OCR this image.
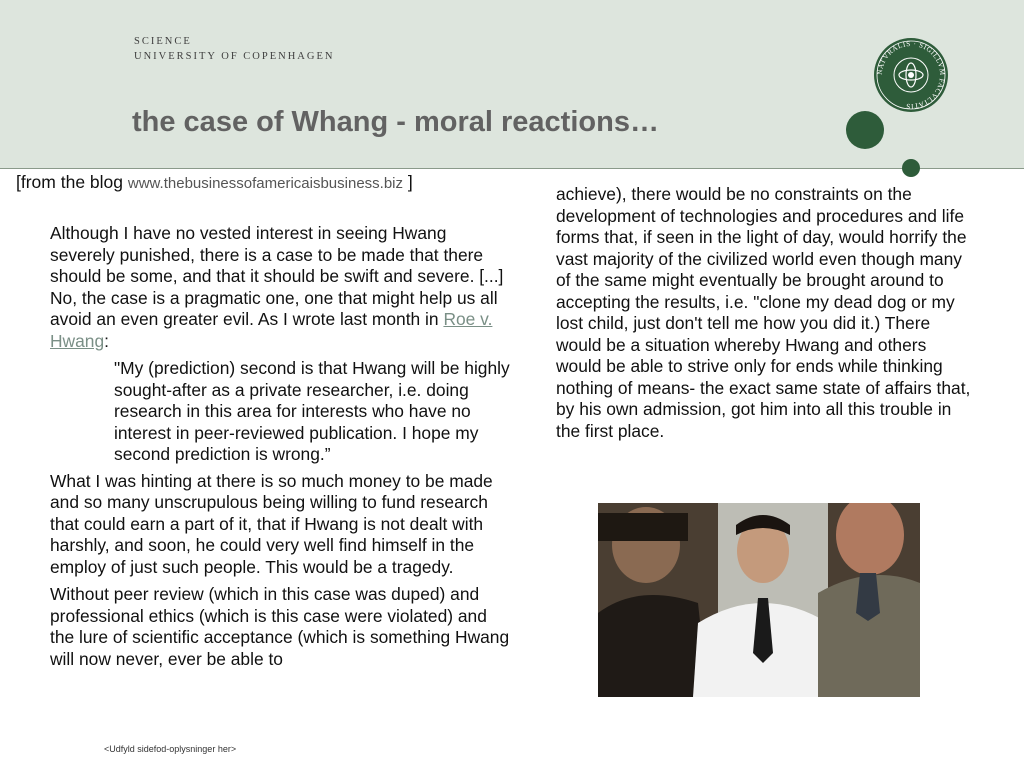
SCIENCE
UNIVERSITY OF COPENHAGEN
the case of Whang - moral reactions…
NATVRALIS · SIGILLVM FACVLTATIS
[from the blog www.thebusinessofamericaisbusiness.biz ]

Although I have no vested interest in seeing Hwang severely punished, there is a case to be made that there should be some, and that it should be swift and severe. [...] No, the case is a pragmatic one, one that might help us all avoid an even greater evil. As I wrote last month in Roe v. Hwang:

"My (prediction) second is that Hwang will be highly sought-after as a private researcher, i.e. doing research in this area for interests who have no interest in peer-reviewed publication. I hope my second prediction is wrong.”

What I was hinting at there is so much money to be made and so many unscrupulous being willing to fund research that could earn a part of it, that if Hwang is not dealt with harshly, and soon, he could very well find himself in the employ of just such people. This would be a tragedy.

Without peer review (which in this case was duped) and professional ethics (which is this case were violated) and the lure of scientific acceptance (which is something Hwang will now never, ever be able to

achieve), there would be no constraints on the development of technologies and procedures and life forms that, if seen in the light of day, would horrify the vast majority of the civilized world even though many of the same might eventually be brought around to accepting the results, i.e. "clone my dead dog or my lost child, just don't tell me how you did it.) There would be a situation whereby Hwang and others would be able to strive only for ends while thinking nothing of means- the exact same state of affairs that, by his own admission, got him into all this trouble in the first place.

<Udfyld sidefod-oplysninger her>
